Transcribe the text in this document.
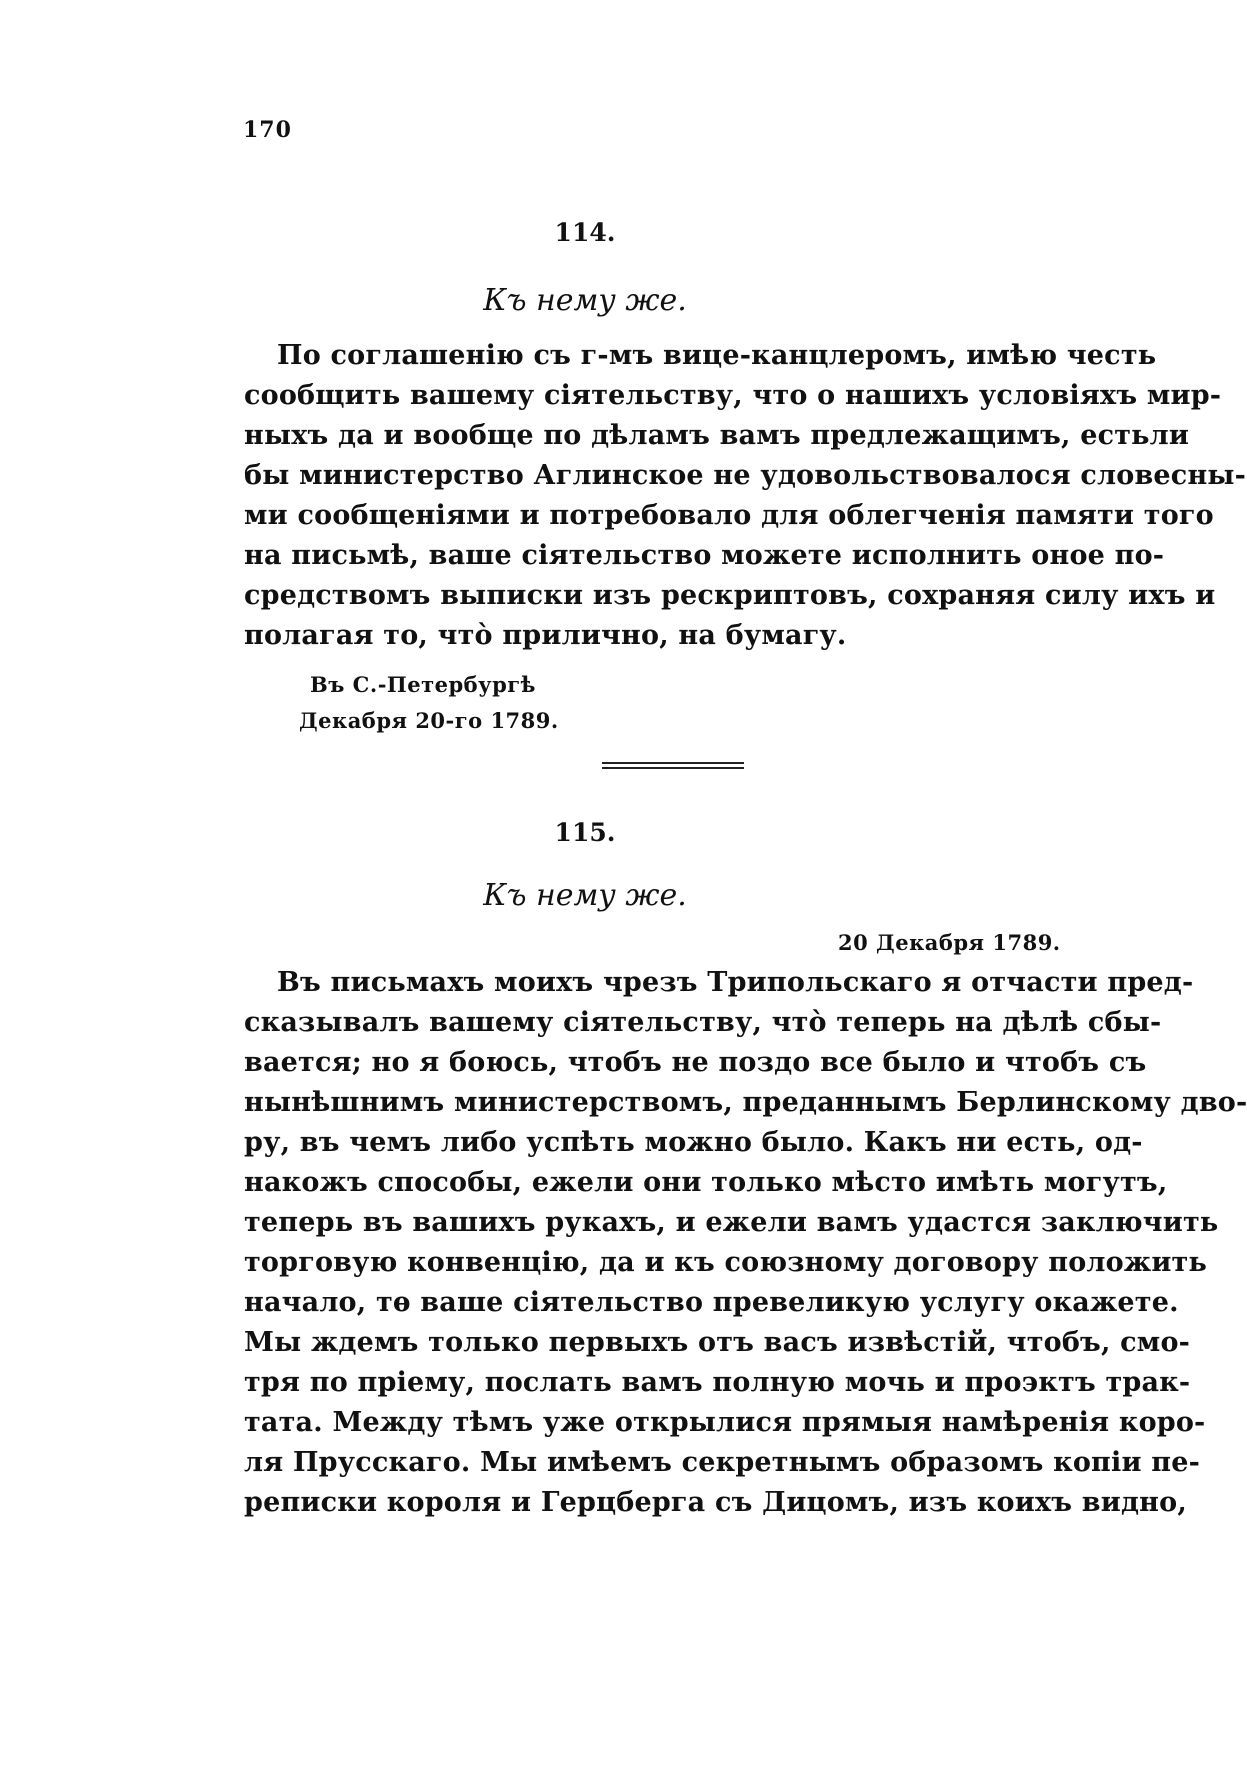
170
114.
Къ нему же.
По соглашенію съ г-мъ вице-канцлеромъ, имѣю честь
сообщить вашему сіятельству, что о нашихъ условіяхъ мир-
ныхъ да и вообще по дѣламъ вамъ предлежащимъ, естьли
бы министерство Аглинское не удовольствовалося словесны-
ми сообщеніями и потребовало для облегченія памяти того
на письмѣ, ваше сіятельство можете исполнить оное по-
средствомъ выписки изъ рескриптовъ, сохраняя силу ихъ и
полагая то, чтò прилично, на бумагу.
Въ С.-Петербургѣ
Декабря 20-го 1789.
115.
Къ нему же.
20 Декабря 1789.
Въ письмахъ моихъ чрезъ Трипольскаго я отчасти пред-
сказывалъ вашему сіятельству, чтò теперь на дѣлѣ сбы-
вается; но я боюсь, чтобъ не поздо все было и чтобъ съ
нынѣшнимъ министерствомъ, преданнымъ Берлинскому дво-
ру, въ чемъ либо успѣть можно было. Какъ ни есть, од-
накожъ способы, ежели они только мѣсто имѣть могутъ,
теперь въ вашихъ рукахъ, и ежели вамъ удастся заключить
торговую конвенцію, да и къ союзному договору положить
начало, тѳ ваше сіятельство превеликую услугу окажете.
Мы ждемъ только первыхъ отъ васъ извѣстій, чтобъ, смо-
тря по пріему, послать вамъ полную мочь и проэктъ трак-
тата. Между тѣмъ уже открылися прямыя намѣренія коро-
ля Прусскаго. Мы имѣемъ секретнымъ образомъ копіи пе-
реписки короля и Герцберга съ Дицомъ, изъ коихъ видно,
